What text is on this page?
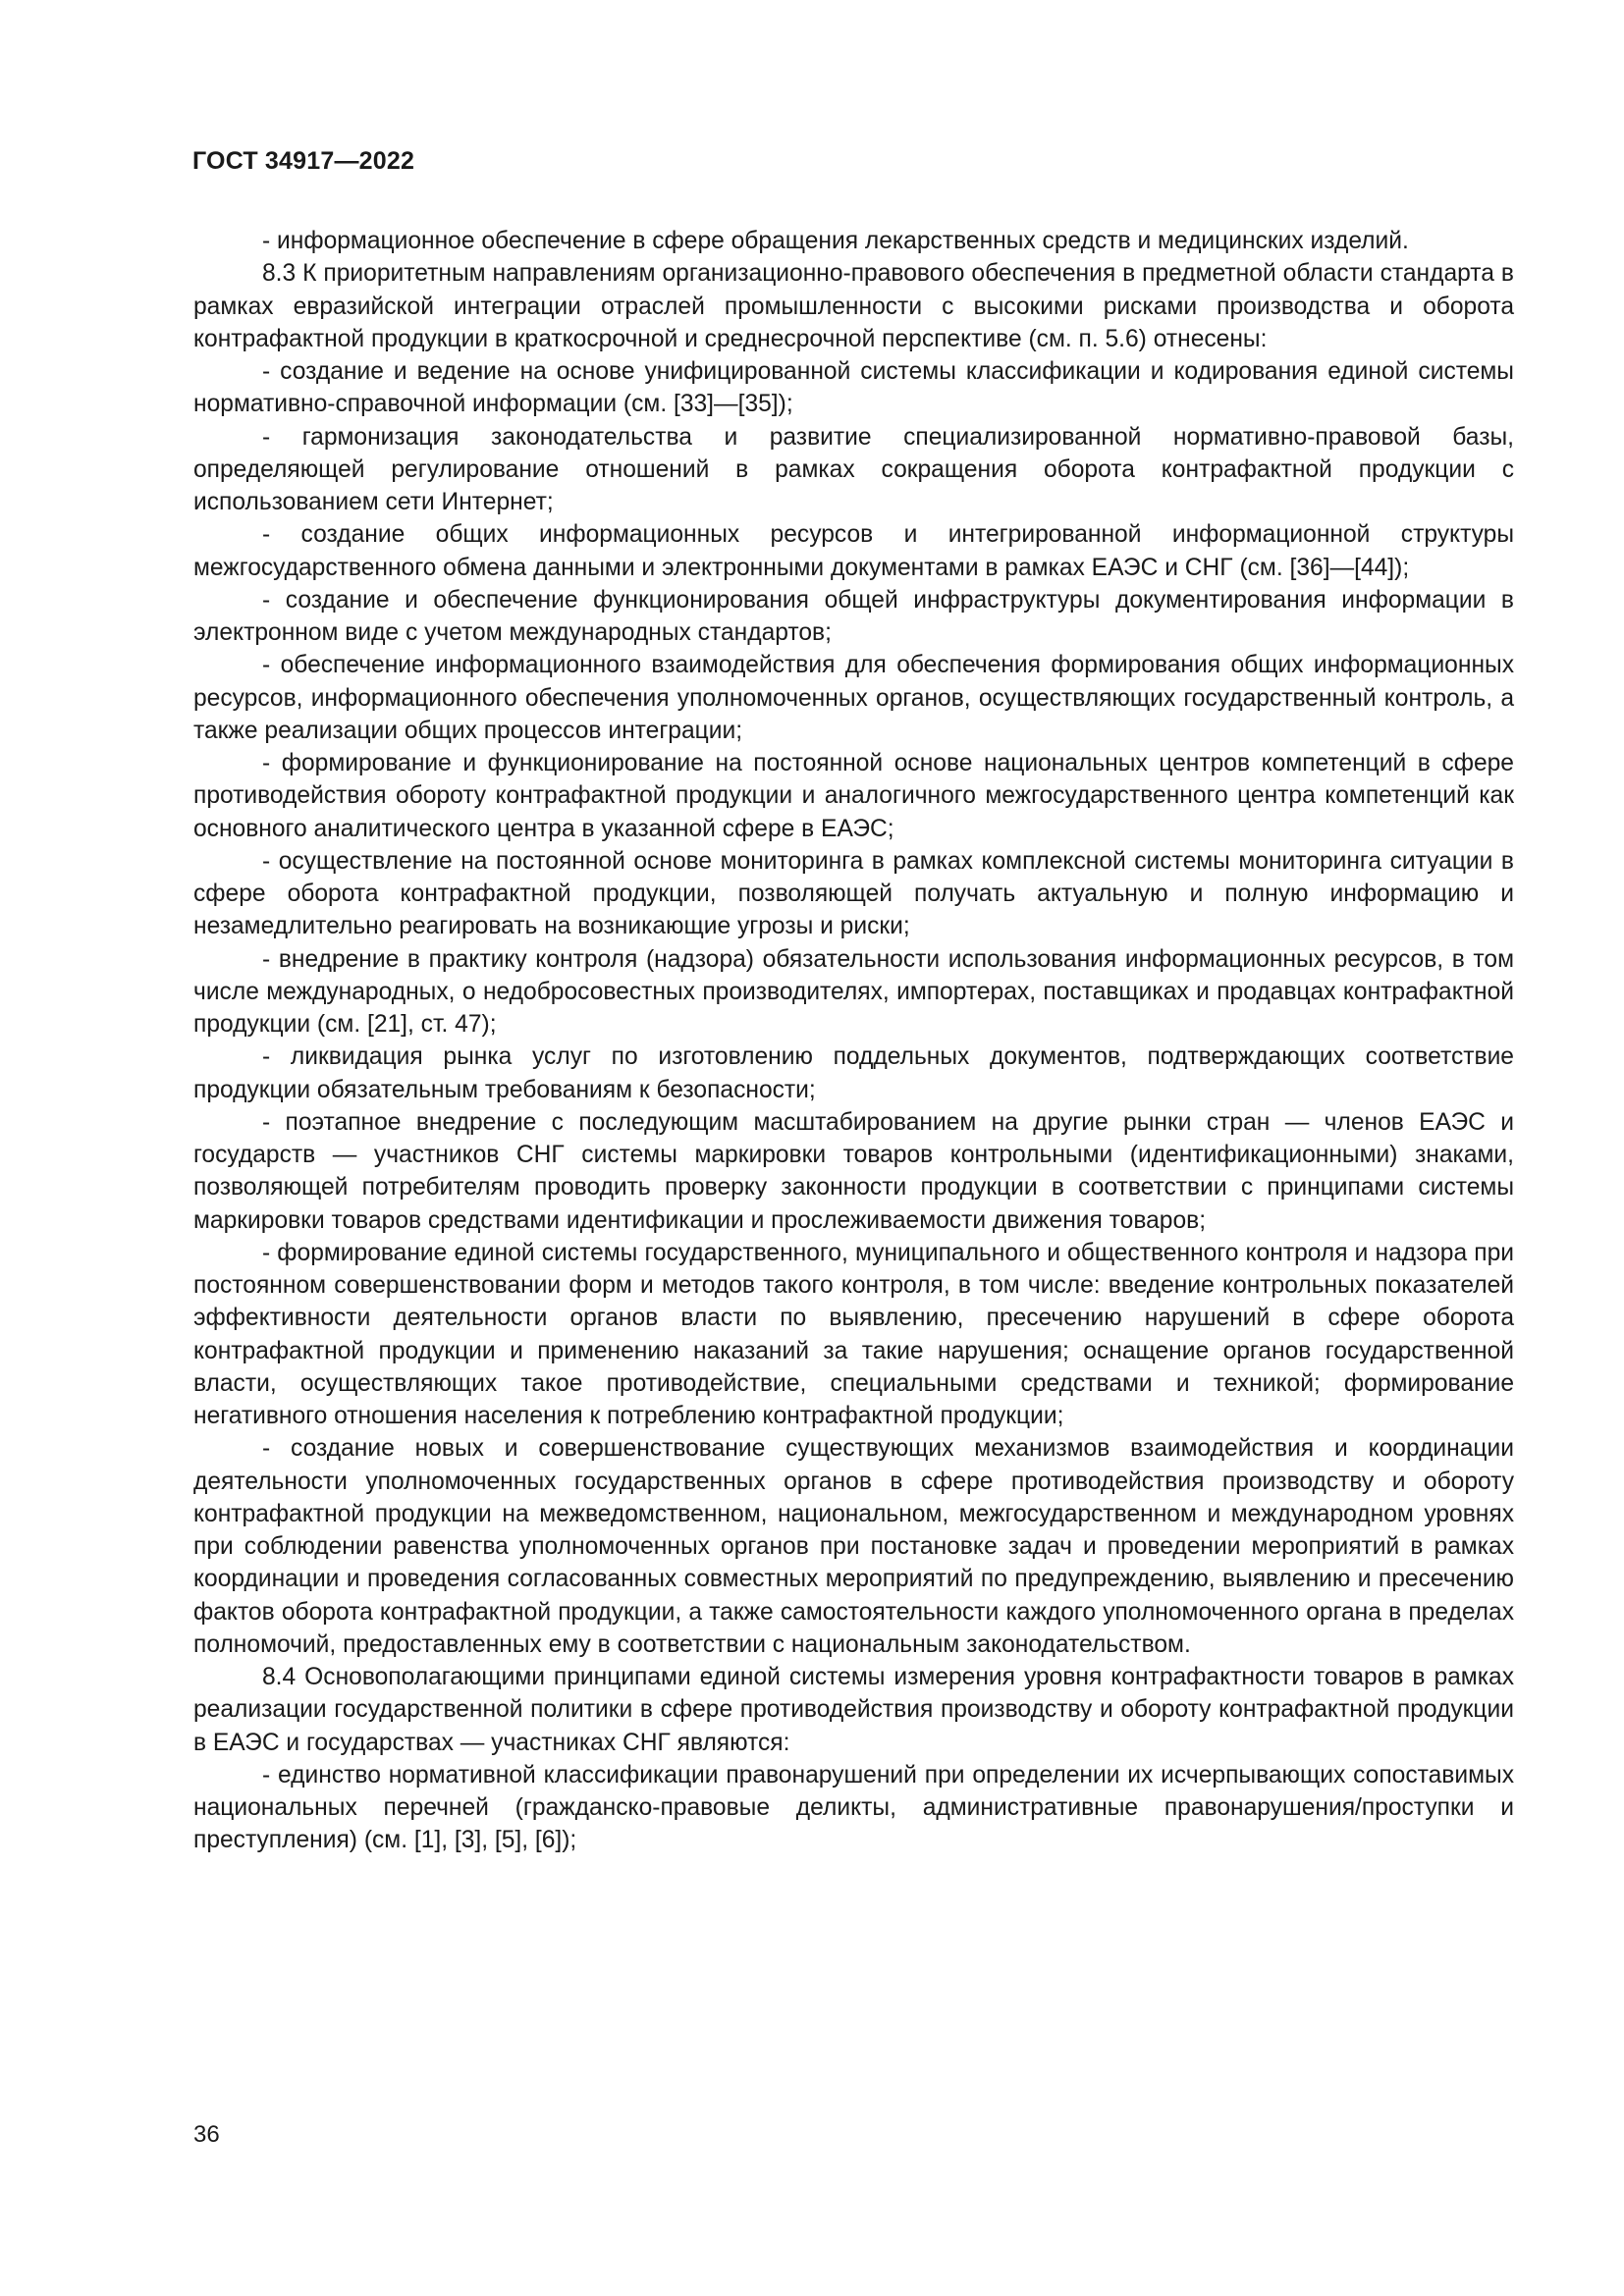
ГОСТ 34917—2022

- информационное обеспечение в сфере обращения лекарственных средств и медицинских изделий.

8.3 К приоритетным направлениям организационно-правового обеспечения в предметной области стандарта в рамках евразийской интеграции отраслей промышленности с высокими рисками производства и оборота контрафактной продукции в краткосрочной и среднесрочной перспективе (см. п. 5.6) отнесены:

- создание и ведение на основе унифицированной системы классификации и кодирования единой системы нормативно-справочной информации (см. [33]—[35]);

- гармонизация законодательства и развитие специализированной нормативно-правовой базы, определяющей регулирование отношений в рамках сокращения оборота контрафактной продукции с использованием сети Интернет;

- создание общих информационных ресурсов и интегрированной информационной структуры межгосударственного обмена данными и электронными документами в рамках ЕАЭС и СНГ (см. [36]—[44]);

- создание и обеспечение функционирования общей инфраструктуры документирования информации в электронном виде с учетом международных стандартов;

- обеспечение информационного взаимодействия для обеспечения формирования общих информационных ресурсов, информационного обеспечения уполномоченных органов, осуществляющих государственный контроль, а также реализации общих процессов интеграции;

- формирование и функционирование на постоянной основе национальных центров компетенций в сфере противодействия обороту контрафактной продукции и аналогичного межгосударственного центра компетенций как основного аналитического центра в указанной сфере в ЕАЭС;

- осуществление на постоянной основе мониторинга в рамках комплексной системы мониторинга ситуации в сфере оборота контрафактной продукции, позволяющей получать актуальную и полную информацию и незамедлительно реагировать на возникающие угрозы и риски;

- внедрение в практику контроля (надзора) обязательности использования информационных ресурсов, в том числе международных, о недобросовестных производителях, импортерах, поставщиках и продавцах контрафактной продукции (см. [21], ст. 47);

- ликвидация рынка услуг по изготовлению поддельных документов, подтверждающих соответствие продукции обязательным требованиям к безопасности;

- поэтапное внедрение с последующим масштабированием на другие рынки стран — членов ЕАЭС и государств — участников СНГ системы маркировки товаров контрольными (идентификационными) знаками, позволяющей потребителям проводить проверку законности продукции в соответствии с принципами системы маркировки товаров средствами идентификации и прослеживаемости движения товаров;

- формирование единой системы государственного, муниципального и общественного контроля и надзора при постоянном совершенствовании форм и методов такого контроля, в том числе: введение контрольных показателей эффективности деятельности органов власти по выявлению, пресечению нарушений в сфере оборота контрафактной продукции и применению наказаний за такие нарушения; оснащение органов государственной власти, осуществляющих такое противодействие, специальными средствами и техникой; формирование негативного отношения населения к потреблению контрафактной продукции;

- создание новых и совершенствование существующих механизмов взаимодействия и координации деятельности уполномоченных государственных органов в сфере противодействия производству и обороту контрафактной продукции на межведомственном, национальном, межгосударственном и международном уровнях при соблюдении равенства уполномоченных органов при постановке задач и проведении мероприятий в рамках координации и проведения согласованных совместных мероприятий по предупреждению, выявлению и пресечению фактов оборота контрафактной продукции, а также самостоятельности каждого уполномоченного органа в пределах полномочий, предоставленных ему в соответствии с национальным законодательством.

8.4 Основополагающими принципами единой системы измерения уровня контрафактности товаров в рамках реализации государственной политики в сфере противодействия производству и обороту контрафактной продукции в ЕАЭС и государствах — участниках СНГ являются:

- единство нормативной классификации правонарушений при определении их исчерпывающих сопоставимых национальных перечней (гражданско-правовые деликты, административные правонарушения/проступки и преступления) (см. [1], [3], [5], [6]);

36
